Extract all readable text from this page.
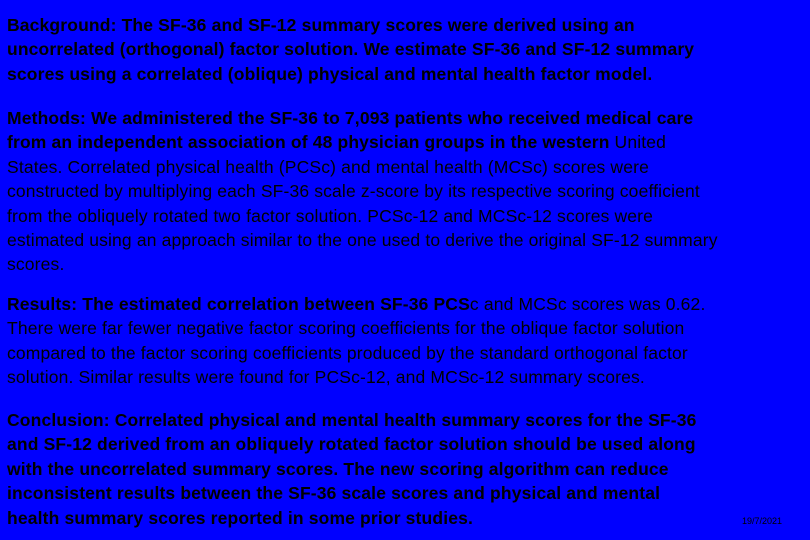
Background: The SF-36 and SF-12 summary scores were derived using an
uncorrelated (orthogonal) factor solution. We estimate SF-36 and SF-12 summary
scores using a correlated (oblique) physical and mental health factor model.

Methods: We administered the SF-36 to 7,093 patients who received medical care
from an independent association of 48 physician groups in the western United
States. Correlated physical health (PCSc) and mental health (MCSc) scores were
constructed by multiplying each SF-36 scale z-score by its respective scoring coefficient
from the obliquely rotated two factor solution. PCSc-12 and MCSc-12 scores were
estimated using an approach similar to the one used to derive the original SF-12 summary
scores.

Results: The estimated correlation between SF-36 PCSc and MCSc scores was 0.62.
There were far fewer negative factor scoring coefficients for the oblique factor solution
compared to the factor scoring coefficients produced by the standard orthogonal factor
solution. Similar results were found for PCSc-12, and MCSc-12 summary scores.

Conclusion: Correlated physical and mental health summary scores for the SF-36
and SF-12 derived from an obliquely rotated factor solution should be used along
with the uncorrelated summary scores. The new scoring algorithm can reduce
inconsistent results between the SF-36 scale scores and physical and mental
health summary scores reported in some prior studies.	19/7/2021
